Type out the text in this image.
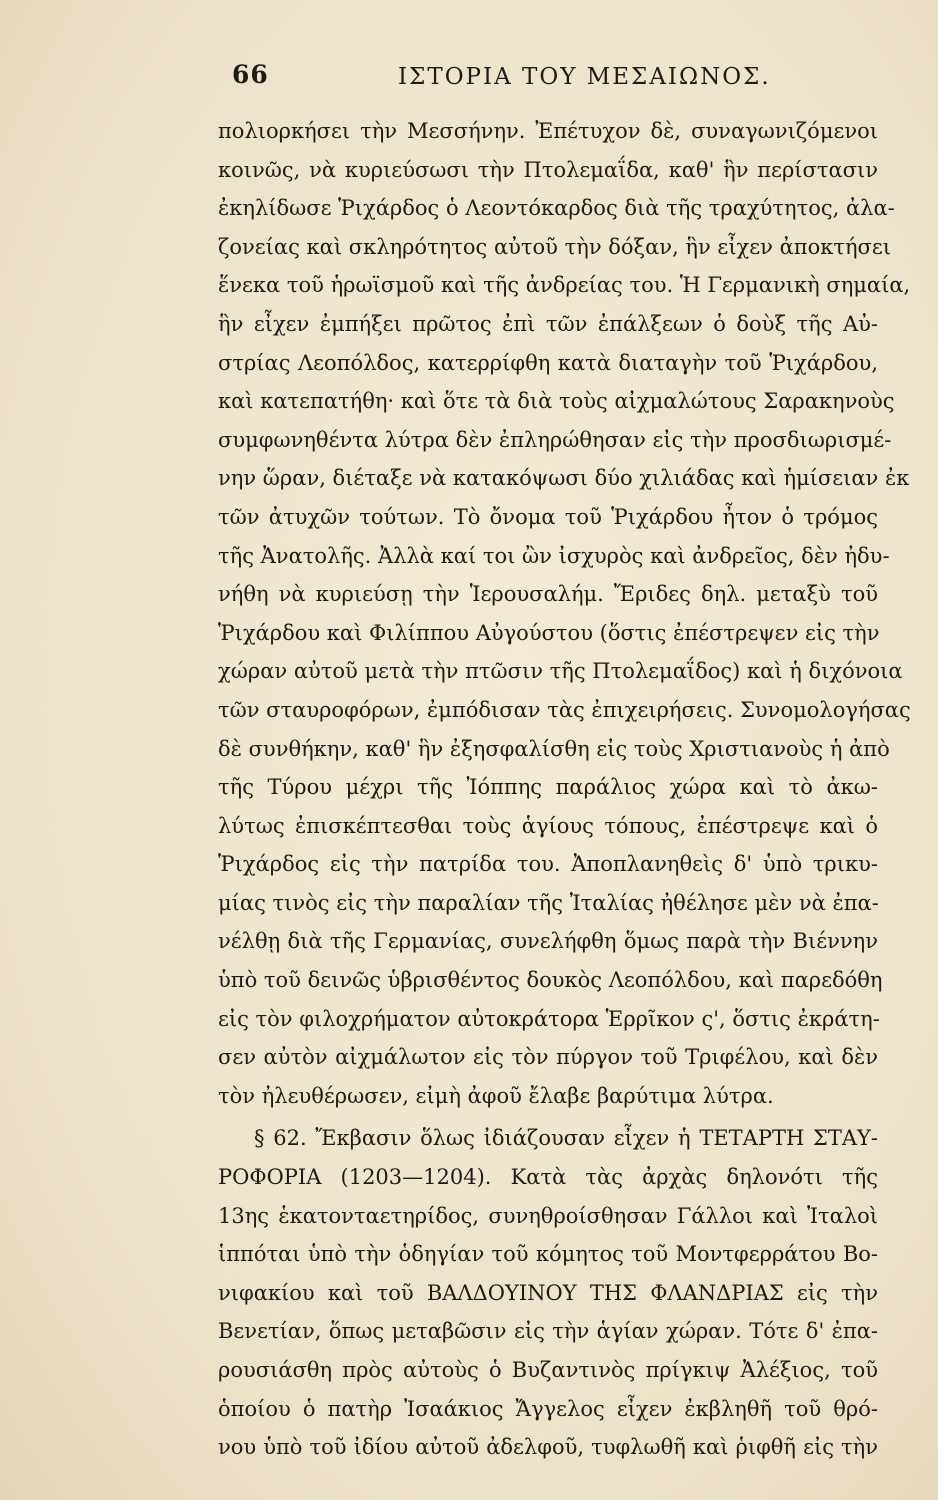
66	ΙΣΤΟΡΙΑ ΤΟΥ ΜΕΣΑΙΩΝΟΣ.
πολιορκήσει τὴν Μεσσήνην. Ἐπέτυχον δὲ, συναγωνιζόμενοι
κοινῶς, νὰ κυριεύσωσι τὴν Πτολεμαΐδα, καθ' ἣν περίστασιν
ἐκηλίδωσε Ῥιχάρδος ὁ Λεοντόκαρδος διὰ τῆς τραχύτητος, ἀλα-
ζονείας καὶ σκληρότητος αὐτοῦ τὴν δόξαν, ἣν εἶχεν ἀποκτήσει
ἕνεκα τοῦ ἡρωϊσμοῦ καὶ τῆς ἀνδρείας του. Ἡ Γερμανικὴ σημαία,
ἣν εἶχεν ἐμπήξει πρῶτος ἐπὶ τῶν ἐπάλξεων ὁ δοὺξ τῆς Αὐ-
στρίας Λεοπόλδος, κατερρίφθη κατὰ διαταγὴν τοῦ Ῥιχάρδου,
καὶ κατεπατήθη· καὶ ὅτε τὰ διὰ τοὺς αἰχμαλώτους Σαρακηνοὺς
συμφωνηθέντα λύτρα δὲν ἐπληρώθησαν εἰς τὴν προσδιωρισμέ-
νην ὥραν, διέταξε νὰ κατακόψωσι δύο χιλιάδας καὶ ἡμίσειαν ἐκ
τῶν ἀτυχῶν τούτων. Τὸ ὄνομα τοῦ Ῥιχάρδου ἦτον ὁ τρόμος
τῆς Ἀνατολῆς. Ἀλλὰ καί τοι ὢν ἰσχυρὸς καὶ ἀνδρεῖος, δὲν ἠδυ-
νήθη νὰ κυριεύσῃ τὴν Ἱερουσαλήμ. Ἔριδες δηλ. μεταξὺ τοῦ
Ῥιχάρδου καὶ Φιλίππου Αὐγούστου (ὅστις ἐπέστρεψεν εἰς τὴν
χώραν αὐτοῦ μετὰ τὴν πτῶσιν τῆς Πτολεμαΐδος) καὶ ἡ διχόνοια
τῶν σταυροφόρων, ἐμπόδισαν τὰς ἐπιχειρήσεις. Συνομολογήσας
δὲ συνθήκην, καθ' ἣν ἐξησφαλίσθη εἰς τοὺς Χριστιανοὺς ἡ ἀπὸ
τῆς Τύρου μέχρι τῆς Ἰόππης παράλιος χώρα καὶ τὸ ἀκω-
λύτως ἐπισκέπτεσθαι τοὺς ἁγίους τόπους, ἐπέστρεψε καὶ ὁ
Ῥιχάρδος εἰς τὴν πατρίδα του. Ἀποπλανηθεὶς δ' ὑπὸ τρικυ-
μίας τινὸς εἰς τὴν παραλίαν τῆς Ἰταλίας ἠθέλησε μὲν νὰ ἐπα-
νέλθῃ διὰ τῆς Γερμανίας, συνελήφθη ὅμως παρὰ τὴν Βιέννην
ὑπὸ τοῦ δεινῶς ὑβρισθέντος δουκὸς Λεοπόλδου, καὶ παρεδόθη
εἰς τὸν φιλοχρήματον αὐτοκράτορα Ἑρρῖκον ς', ὅστις ἐκράτη-
σεν αὐτὸν αἰχμάλωτον εἰς τὸν πύργον τοῦ Τριφέλου, καὶ δὲν
τὸν ἠλευθέρωσεν, εἰμὴ ἀφοῦ ἔλαβε βαρύτιμα λύτρα.
§ 62. Ἔκβασιν ὅλως ἰδιάζουσαν εἶχεν ἡ ΤΕΤΑΡΤΗ ΣΤΑΥ-
ΡΟΦΟΡΙΑ (1203—1204). Κατὰ τὰς ἀρχὰς δηλονότι τῆς
13ης ἑκατονταετηρίδος, συνηθροίσθησαν Γάλλοι καὶ Ἰταλοὶ
ἱππόται ὑπὸ τὴν ὁδηγίαν τοῦ κόμητος τοῦ Μοντφερράτου Βο-
νιφακίου καὶ τοῦ ΒΑΛΔΟΥΙΝΟΥ ΤΗΣ ΦΛΑΝΔΡΙΑΣ εἰς τὴν
Βενετίαν, ὅπως μεταβῶσιν εἰς τὴν ἁγίαν χώραν. Τότε δ' ἐπα-
ρουσιάσθη πρὸς αὐτοὺς ὁ Βυζαντινὸς πρίγκιψ Ἀλέξιος, τοῦ
ὁποίου ὁ πατὴρ Ἰσαάκιος Ἄγγελος εἶχεν ἐκβληθῆ τοῦ θρό-
νου ὑπὸ τοῦ ἰδίου αὐτοῦ ἀδελφοῦ, τυφλωθῆ καὶ ῥιφθῆ εἰς τὴν
